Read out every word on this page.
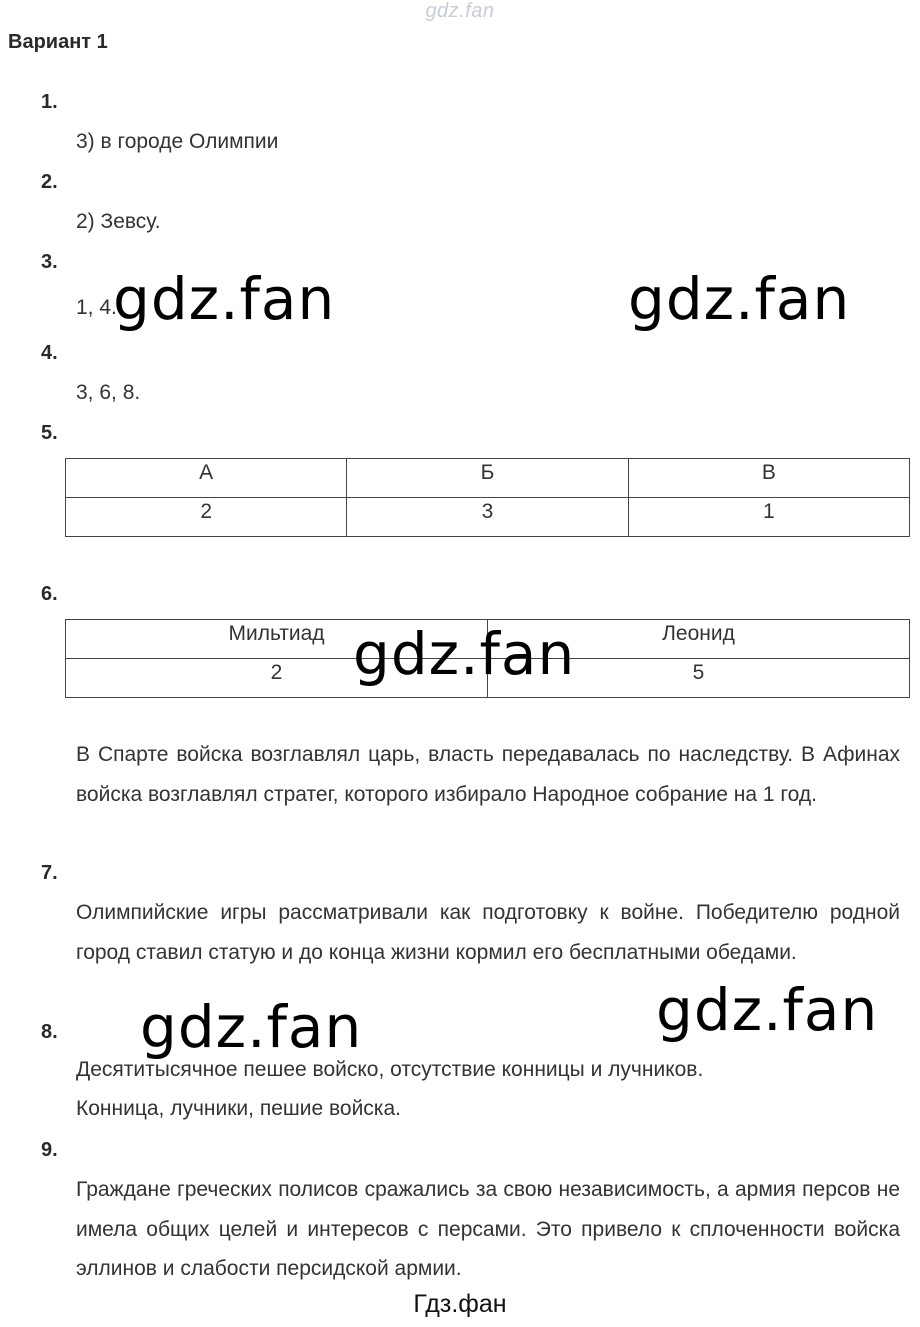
gdz.fan
Вариант 1
1.
3) в городе Олимпии
2.
2) Зевсу.
3.
1, 4.
4.
3, 6, 8.
5.
А	Б	В
2	3	1
6.
Мильтиад	Леонид
2	5
В Спарте войска возглавлял царь, власть передавалась по наследству. В Афинах войска возглавлял стратег, которого избирало Народное собрание на 1 год.
7.
Олимпийские игры рассматривали как подготовку к войне. Победителю родной город ставил статую и до конца жизни кормил его бесплатными обедами.
8.
Десятитысячное пешее войско, отсутствие конницы и лучников.
Конница, лучники, пешие войска.
9.
Граждане греческих полисов сражались за свою независимость, а армия персов не имела общих целей и интересов с персами. Это привело к сплоченности войска эллинов и слабости персидской армии.
gdz.fan	gdz.fan
gdz.fan
gdz.fan	gdz.fan
Гдз.фан
